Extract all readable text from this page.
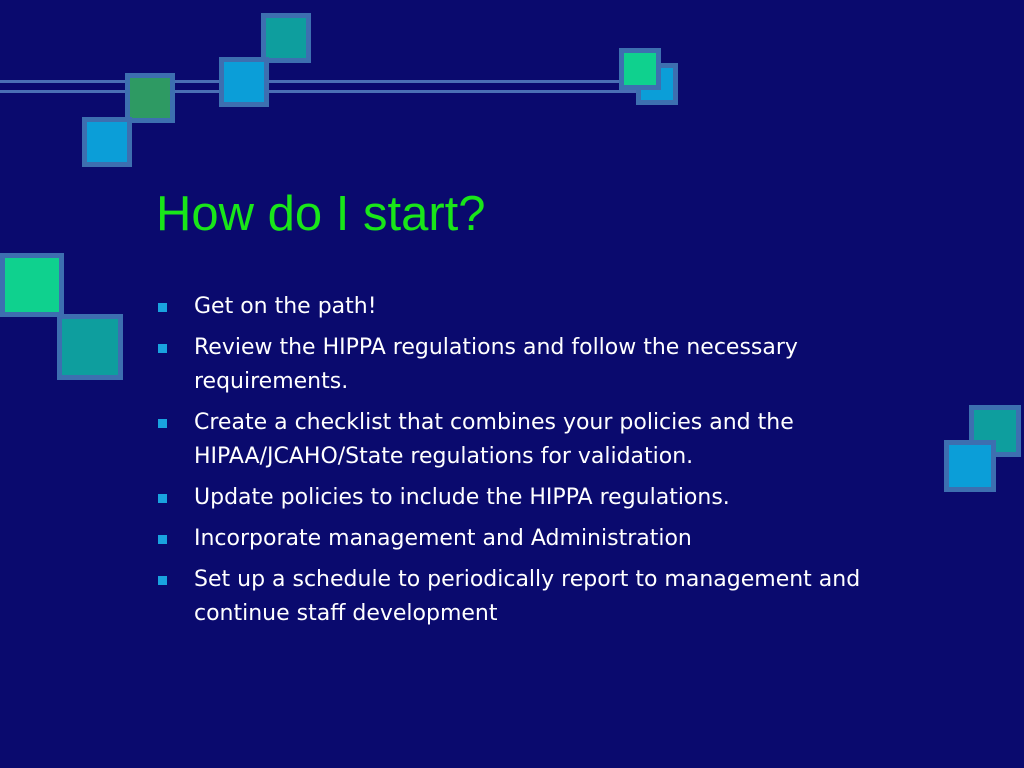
How do I start?
Get on the path!
Review the HIPPA regulations and follow the necessary requirements.
Create a checklist that combines your policies and the HIPAA/JCAHO/State regulations for validation.
Update policies to include the HIPPA regulations.
Incorporate management and Administration
Set up a schedule to periodically report to management and continue staff development
